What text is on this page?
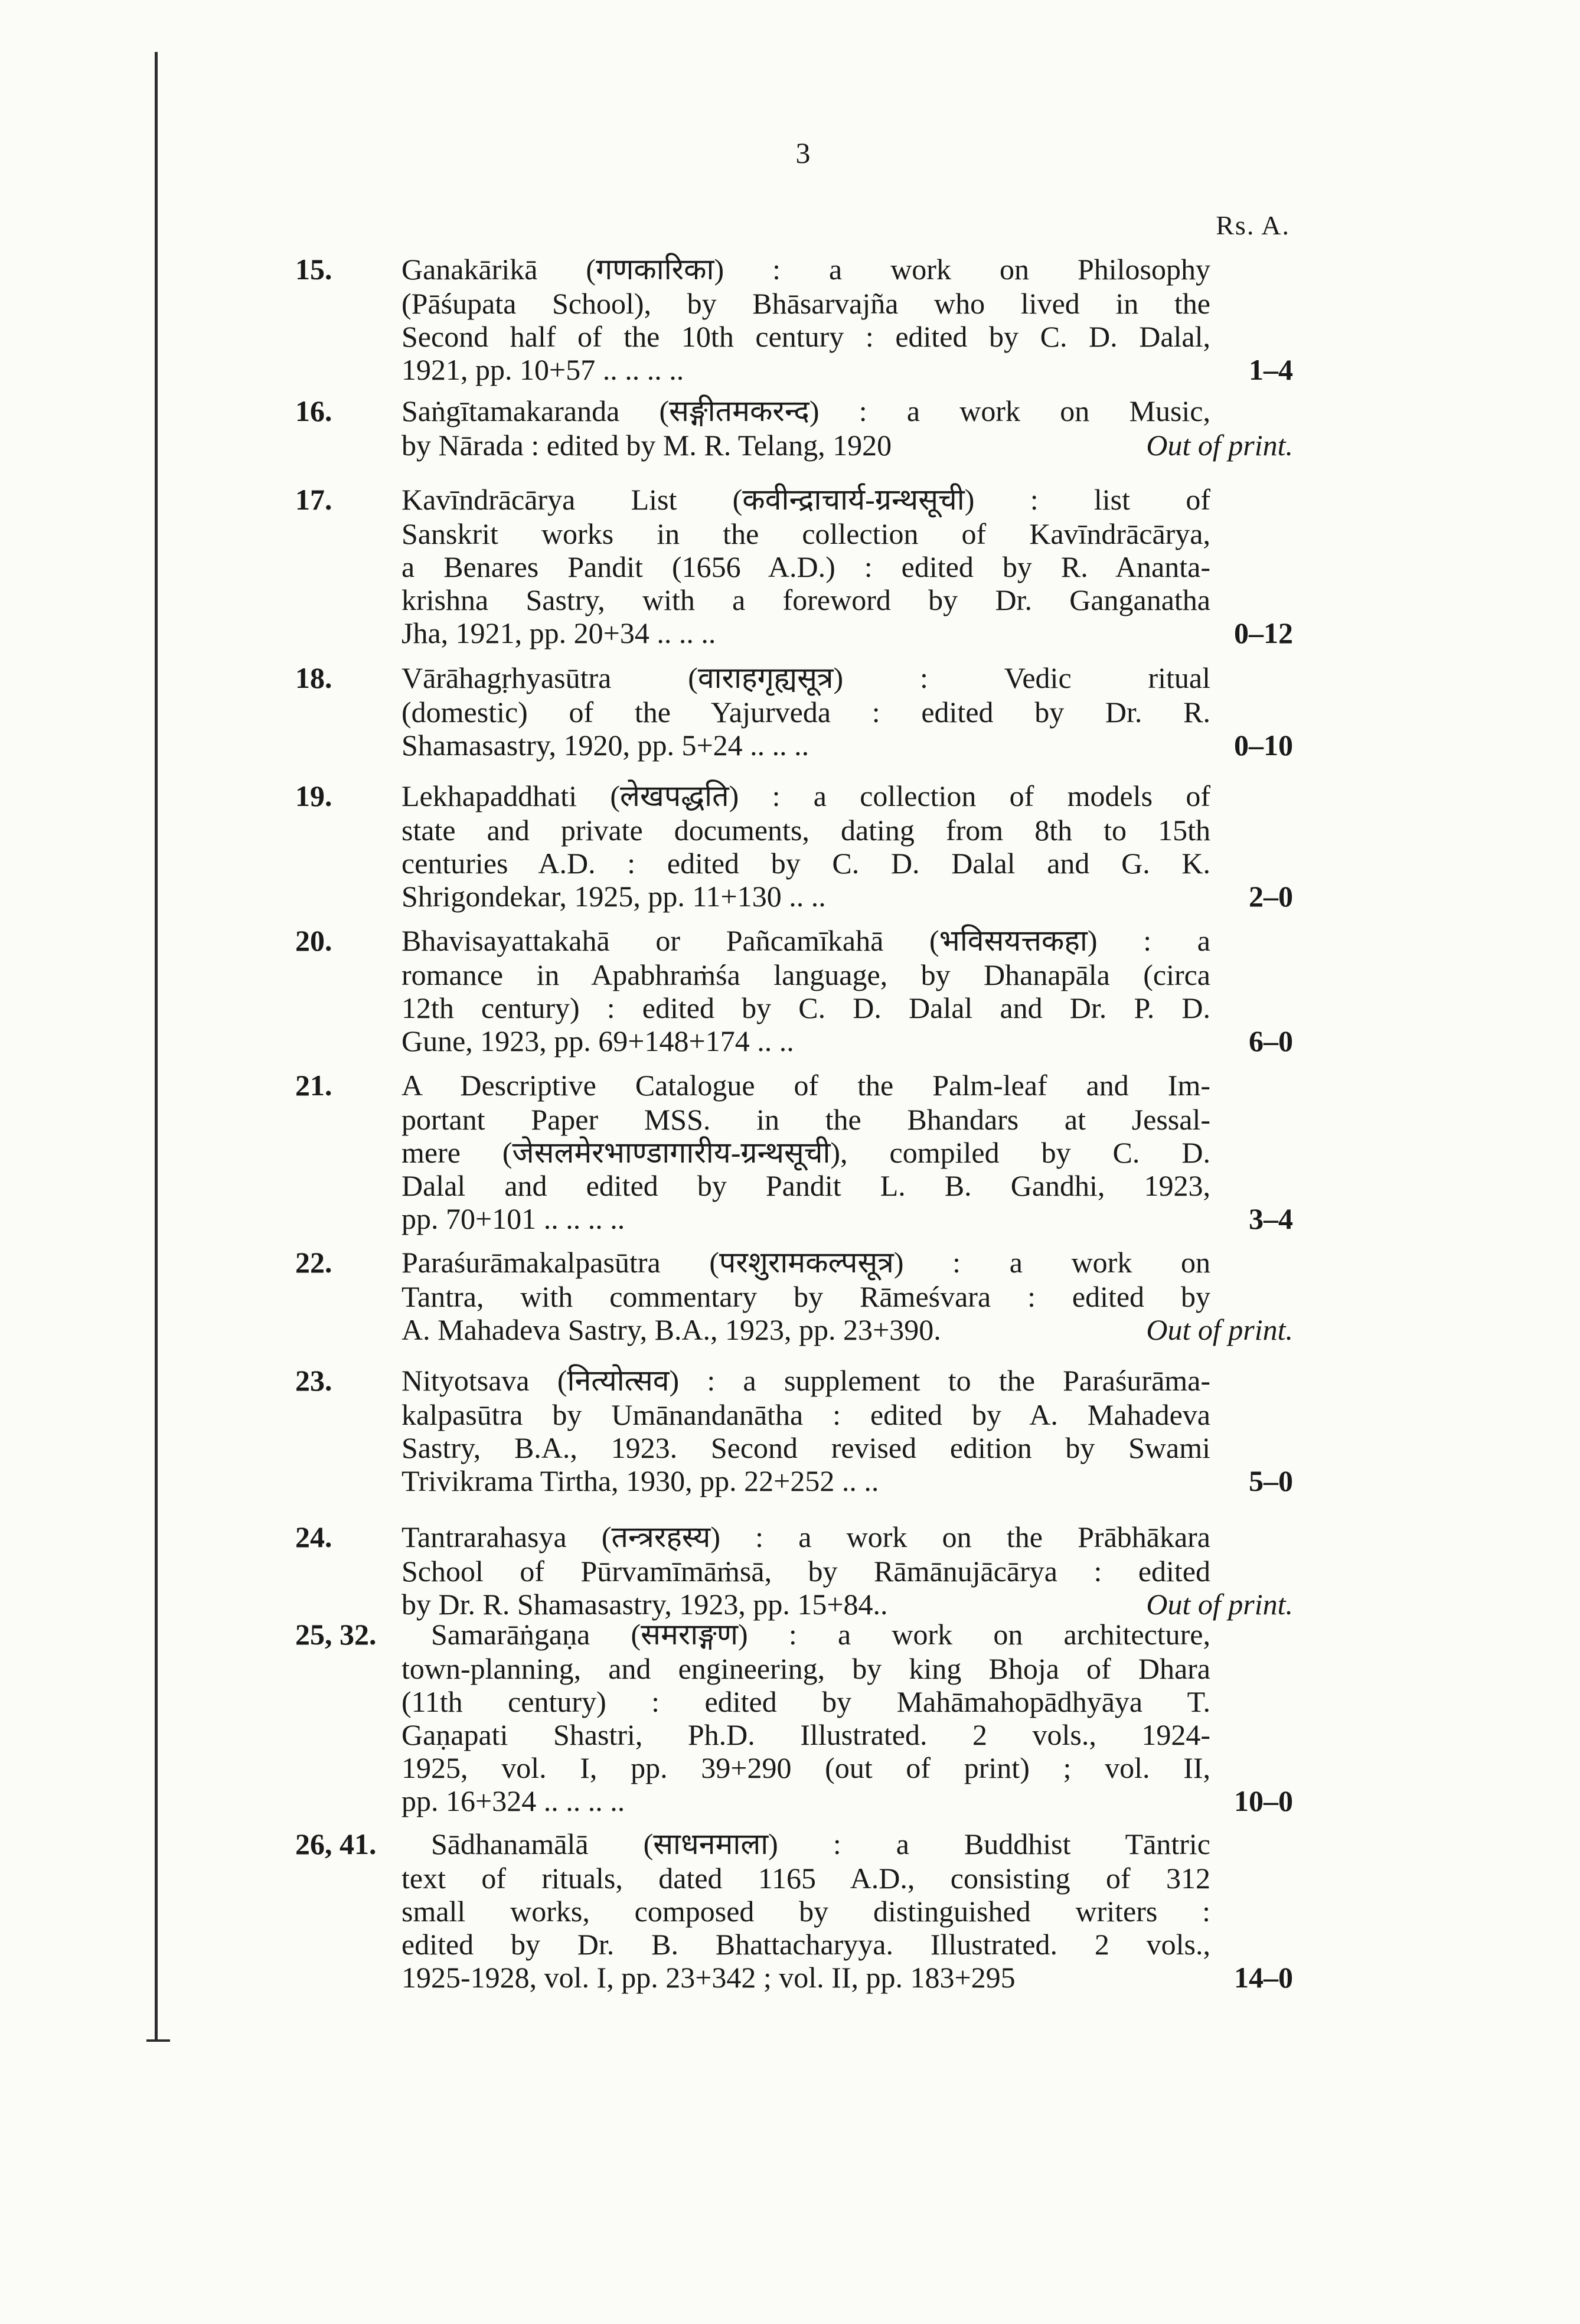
3
Rs. A.
15. Ganakārikā (गणकारिका) : a work on Philosophy
(Pāśupata School), by Bhāsarvajña who lived in the
Second half of the 10th century : edited by C. D. Dalal,
1921, pp. 10+57 .. .. .. ..	1–4
16. Saṅgītamakaranda (सङ्गीतमकरन्द) : a work on Music,
by Nārada : edited by M. R. Telang, 1920	Out of print.
17. Kavīndrācārya List (कवीन्द्राचार्य-ग्रन्थसूची) : list of
Sanskrit works in the collection of Kavīndrācārya,
a Benares Pandit (1656 A.D.) : edited by R. Ananta-
krishna Sastry, with a foreword by Dr. Ganganatha
Jha, 1921, pp. 20+34 .. .. ..	0–12
18. Vārāhagṛhyasūtra (वाराहगृह्यसूत्र) : Vedic ritual
(domestic) of the Yajurveda : edited by Dr. R.
Shamasastry, 1920, pp. 5+24 .. .. ..	0–10
19. Lekhapaddhati (लेखपद्धति) : a collection of models of
state and private documents, dating from 8th to 15th
centuries A.D. : edited by C. D. Dalal and G. K.
Shrigondekar, 1925, pp. 11+130 .. ..	2–0
20. Bhavisayattakahā or Pañcamīkahā (भविसयत्तकहा) : a
romance in Apabhraṁśa language, by Dhanapāla (circa
12th century) : edited by C. D. Dalal and Dr. P. D.
Gune, 1923, pp. 69+148+174 .. ..	6–0
21. A Descriptive Catalogue of the Palm-leaf and Im-
portant Paper MSS. in the Bhandars at Jessal-
mere (जेसलमेरभाण्डागारीय-ग्रन्थसूची), compiled by C. D.
Dalal and edited by Pandit L. B. Gandhi, 1923,
pp. 70+101 .. .. .. ..	3–4
22. Paraśurāmakalpasūtra (परशुरामकल्पसूत्र) : a work on
Tantra, with commentary by Rāmeśvara : edited by
A. Mahadeva Sastry, B.A., 1923, pp. 23+390.	Out of print.
23. Nityotsava (नित्योत्सव) : a supplement to the Paraśurāma-
kalpasūtra by Umānandanātha : edited by A. Mahadeva
Sastry, B.A., 1923. Second revised edition by Swami
Trivikrama Tirtha, 1930, pp. 22+252 .. ..	5–0
24. Tantrarahasya (तन्त्ररहस्य) : a work on the Prābhākara
School of Pūrvamīmāṁsā, by Rāmānujācārya : edited
by Dr. R. Shamasastry, 1923, pp. 15+84..	Out of print.
25, 32. Samarāṅgaṇa (समराङ्गण) : a work on architecture,
town-planning, and engineering, by king Bhoja of Dhara
(11th century) : edited by Mahāmahopādhyāya T.
Gaṇapati Shastri, Ph.D. Illustrated. 2 vols., 1924-
1925, vol. I, pp. 39+290 (out of print) ; vol. II,
pp. 16+324 .. .. .. ..	10–0
26, 41. Sādhanamālā (साधनमाला) : a Buddhist Tāntric
text of rituals, dated 1165 A.D., consisting of 312
small works, composed by distinguished writers :
edited by Dr. B. Bhattacharyya. Illustrated. 2 vols.,
1925-1928, vol. I, pp. 23+342 ; vol. II, pp. 183+295	14–0
